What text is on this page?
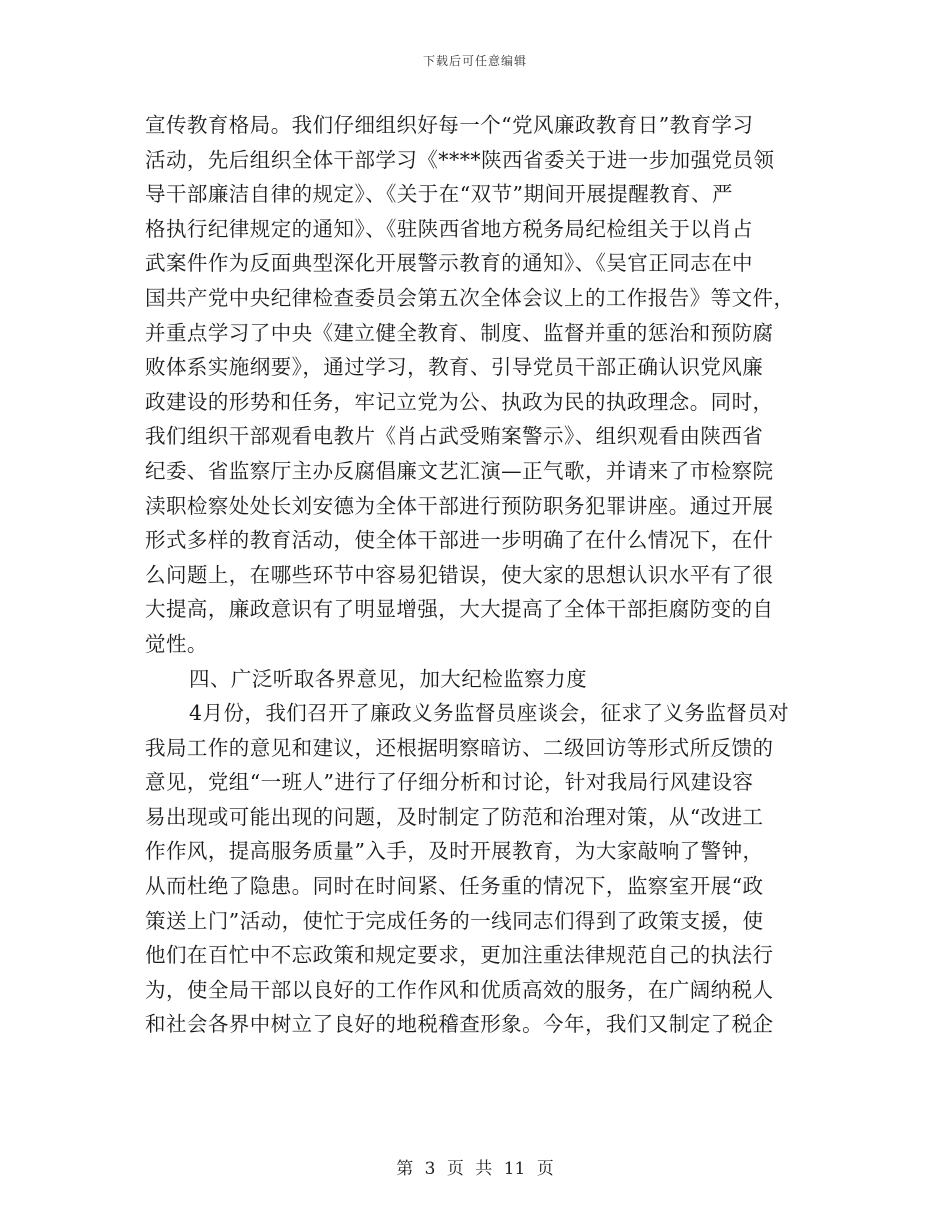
下载后可任意编辑
宣传教育格局。我们仔细组织好每一个“党风廉政教育日”教育学习
活动，先后组织全体干部学习《****陕西省委关于进一步加强党员领
导干部廉洁自律的规定》、《关于在“双节”期间开展提醒教育、严
格执行纪律规定的通知》、《驻陕西省地方税务局纪检组关于以肖占
武案件作为反面典型深化开展警示教育的通知》、《吴官正同志在中
国共产党中央纪律检查委员会第五次全体会议上的工作报告》等文件，
并重点学习了中央《建立健全教育、制度、监督并重的惩治和预防腐
败体系实施纲要》，通过学习，教育、引导党员干部正确认识党风廉
政建设的形势和任务，牢记立党为公、执政为民的执政理念。同时，
我们组织干部观看电教片《肖占武受贿案警示》、组织观看由陕西省
纪委、省监察厅主办反腐倡廉文艺汇演—正气歌，并请来了市检察院
渎职检察处处长刘安德为全体干部进行预防职务犯罪讲座。通过开展
形式多样的教育活动，使全体干部进一步明确了在什么情况下，在什
么问题上，在哪些环节中容易犯错误，使大家的思想认识水平有了很
大提高，廉政意识有了明显增强，大大提高了全体干部拒腐防变的自
觉性。
四、广泛听取各界意见，加大纪检监察力度
4月份，我们召开了廉政义务监督员座谈会，征求了义务监督员对
我局工作的意见和建议，还根据明察暗访、二级回访等形式所反馈的
意见，党组“一班人”进行了仔细分析和讨论，针对我局行风建设容
易出现或可能出现的问题，及时制定了防范和治理对策，从“改进工
作作风，提高服务质量”入手，及时开展教育，为大家敲响了警钟，
从而杜绝了隐患。同时在时间紧、任务重的情况下，监察室开展“政
策送上门”活动，使忙于完成任务的一线同志们得到了政策支援，使
他们在百忙中不忘政策和规定要求，更加注重法律规范自己的执法行
为，使全局干部以良好的工作作风和优质高效的服务，在广阔纳税人
和社会各界中树立了良好的地税稽查形象。今年，我们又制定了税企
第 3 页 共 11 页
